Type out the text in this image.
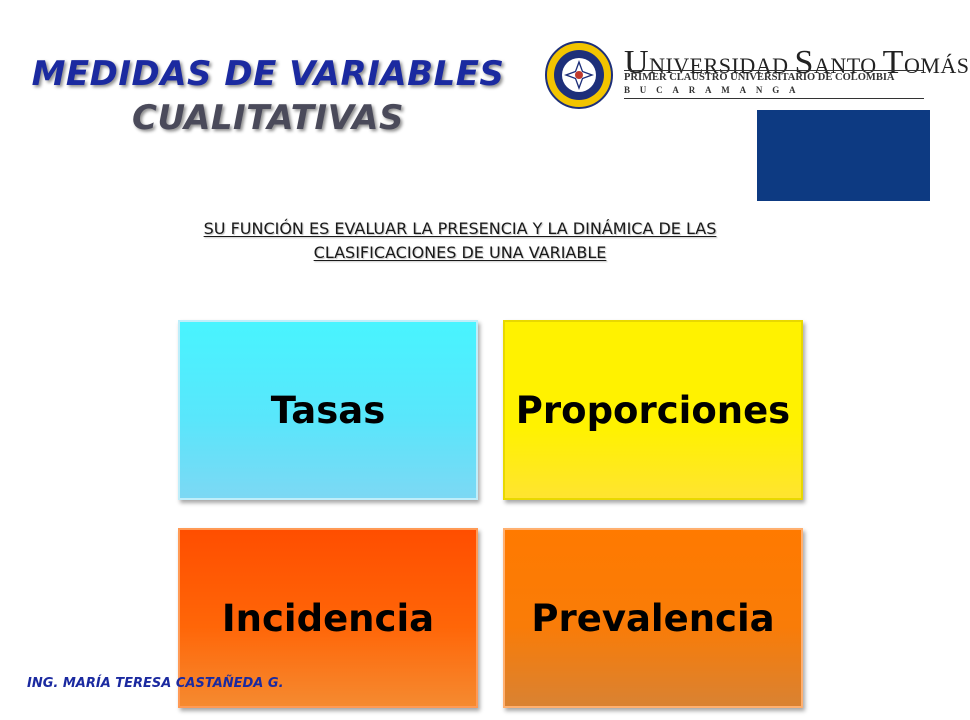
MEDIDAS DE VARIABLES
CUALITATIVAS
UNIVERSIDAD SANTO TOMÁS
PRIMER CLAUSTRO UNIVERSITARIO DE COLOMBIA
BUCARAMANGA
SU FUNCIÓN ES EVALUAR LA PRESENCIA Y LA DINÁMICA DE LAS
CLASIFICACIONES DE UNA VARIABLE
Tasas	Proporciones
Incidencia	Prevalencia
ING. MARÍA TERESA CASTAÑEDA G.
